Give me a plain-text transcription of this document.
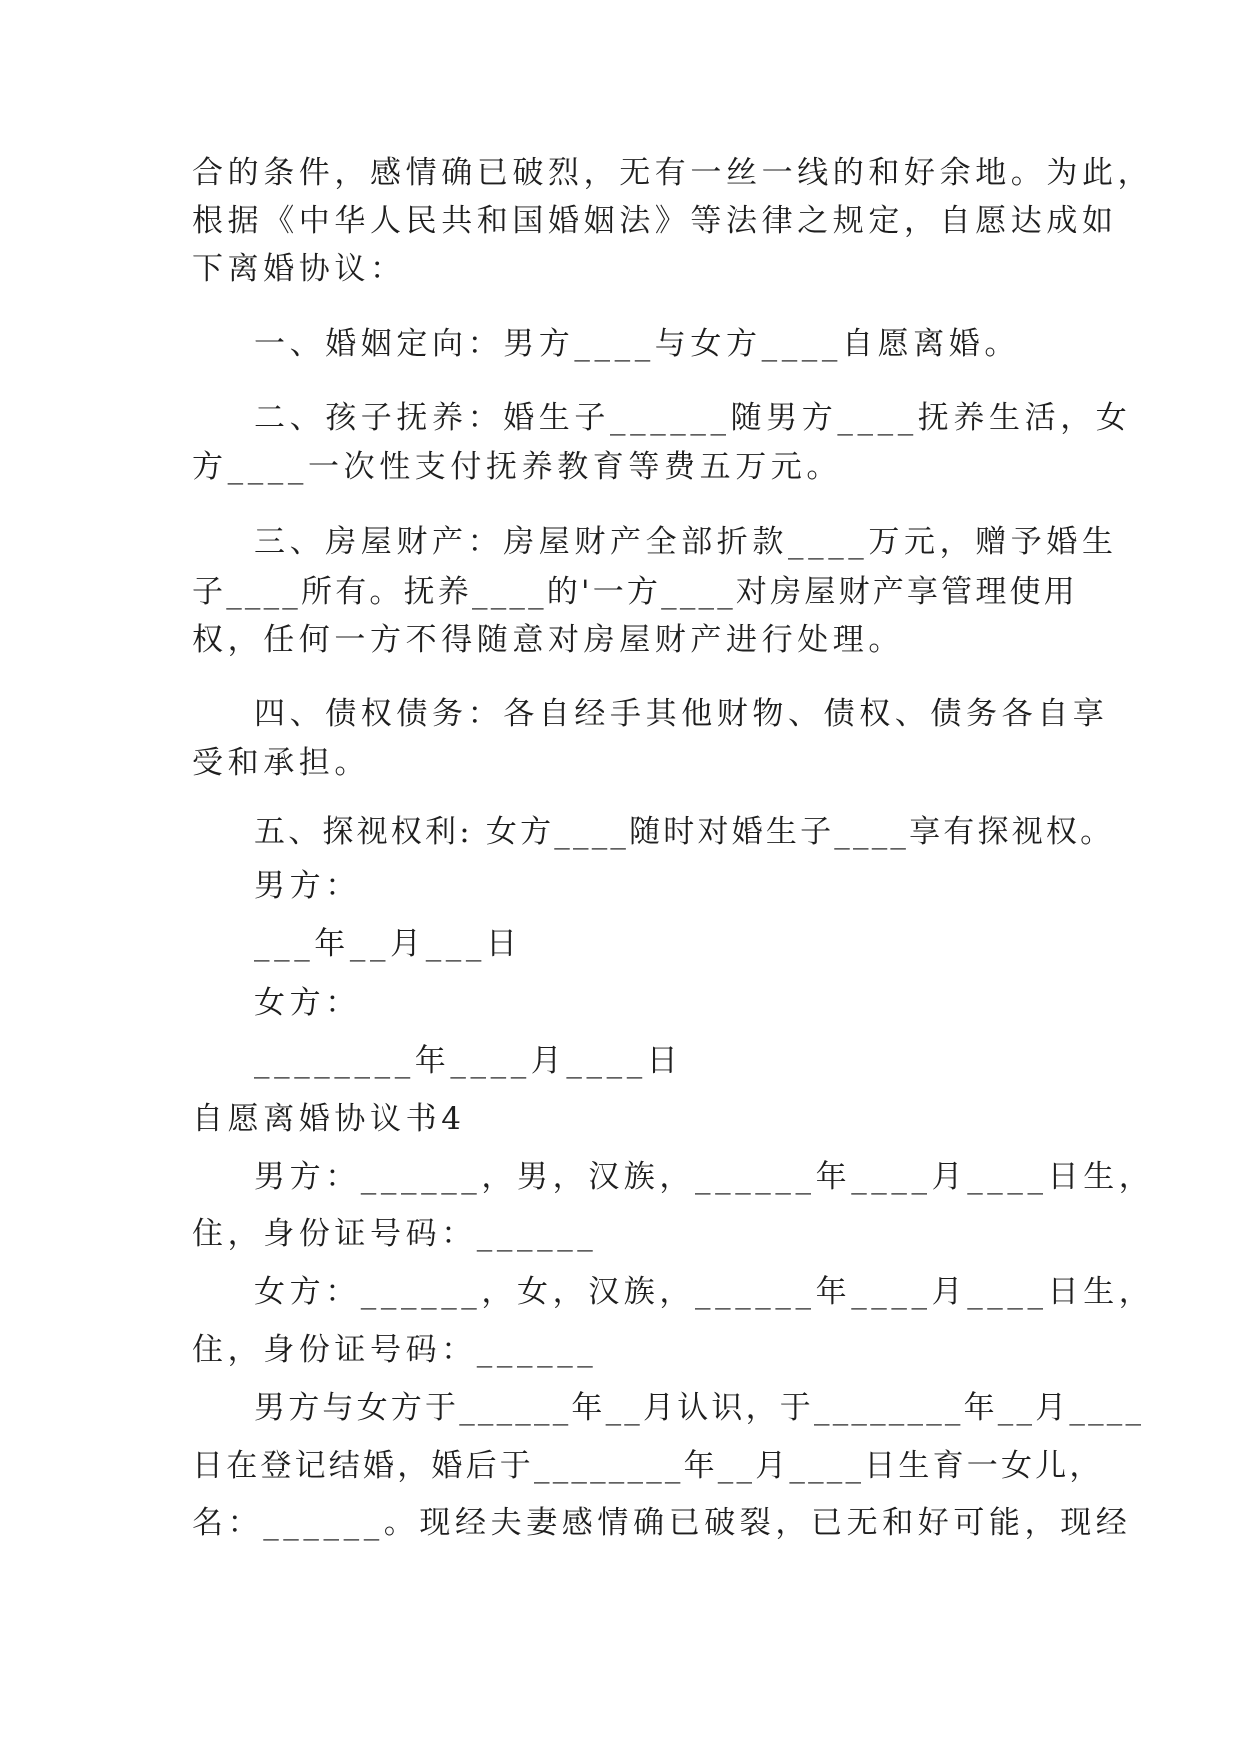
合的条件，感情确已破烈，无有一丝一线的和好余地。为此，
根据《中华人民共和国婚姻法》等法律之规定，自愿达成如
下离婚协议：
一、婚姻定向：男方____与女方____自愿离婚。
二、孩子抚养：婚生子______随男方____抚养生活，女
方____一次性支付抚养教育等费五万元。
三、房屋财产：房屋财产全部折款____万元，赠予婚生
子____所有。抚养____的'一方____对房屋财产享管理使用
权，任何一方不得随意对房屋财产进行处理。
四、债权债务：各自经手其他财物、债权、债务各自享
受和承担。
五、探视权利: 女方____随时对婚生子____享有探视权。
男方：
___年__月___日
女方：
________年____月____日
自愿离婚协议书4
男方：______，男，汉族，______年____月____日生，
住，身份证号码：______
女方：______，女，汉族，______年____月____日生，
住，身份证号码：______
男方与女方于______年__月认识，于________年__月____
日在登记结婚，婚后于________年__月____日生育一女儿，
名：______。现经夫妻感情确已破裂，已无和好可能，现经
